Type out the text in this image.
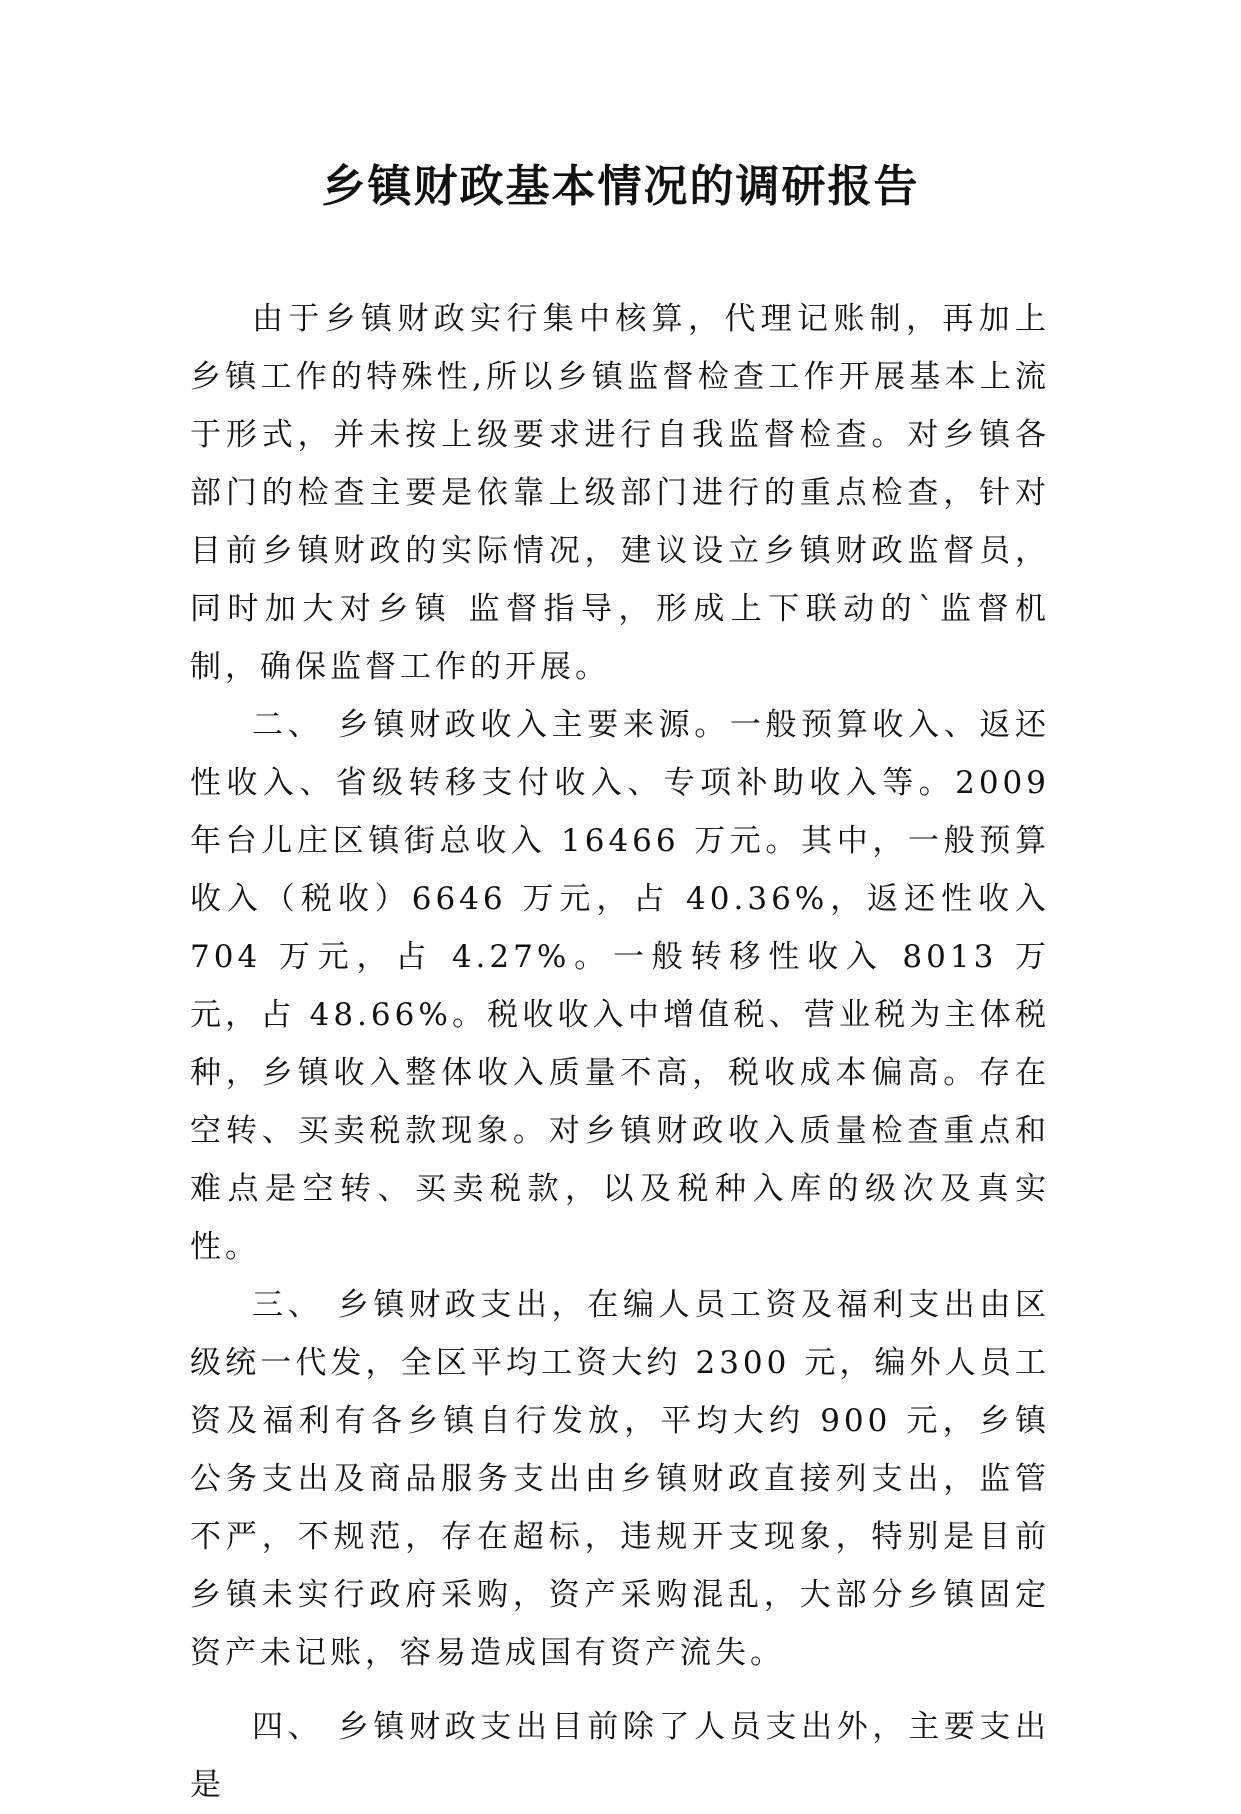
乡镇财政基本情况的调研报告

由于乡镇财政实行集中核算，代理记账制，再加上乡镇工作的特殊性,所以乡镇监督检查工作开展基本上流于形式，并未按上级要求进行自我监督检查。对乡镇各部门的检查主要是依靠上级部门进行的重点检查，针对目前乡镇财政的实际情况，建议设立乡镇财政监督员，同时加大对乡镇 监督指导，形成上下联动的`监督机制，确保监督工作的开展。

二、 乡镇财政收入主要来源。一般预算收入、返还性收入、省级转移支付收入、专项补助收入等。2009 年台儿庄区镇街总收入 16466 万元。其中，一般预算收入（税收）6646 万元，占 40.36%，返还性收入 704 万元，占 4.27%。一般转移性收入 8013 万元，占 48.66%。税收收入中增值税、营业税为主体税种，乡镇收入整体收入质量不高，税收成本偏高。存在空转、买卖税款现象。对乡镇财政收入质量检查重点和难点是空转、买卖税款，以及税种入库的级次及真实性。

三、 乡镇财政支出，在编人员工资及福利支出由区级统一代发，全区平均工资大约 2300 元，编外人员工资及福利有各乡镇自行发放，平均大约 900 元，乡镇公务支出及商品服务支出由乡镇财政直接列支出，监管不严，不规范，存在超标，违规开支现象，特别是目前乡镇未实行政府采购，资产采购混乱，大部分乡镇固定资产未记账，容易造成国有资产流失。

四、 乡镇财政支出目前除了人员支出外，主要支出是
